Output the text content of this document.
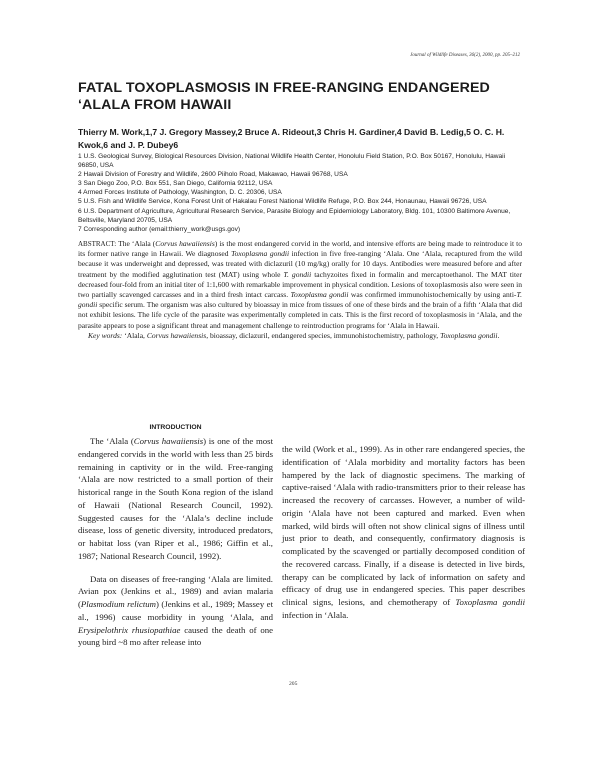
Journal of Wildlife Diseases, 36(2), 2000, pp. 205–212
FATAL TOXOPLASMOSIS IN FREE-RANGING ENDANGERED ‘ALALA FROM HAWAII
Thierry M. Work,1,7 J. Gregory Massey,2 Bruce A. Rideout,3 Chris H. Gardiner,4 David B. Ledig,5 O. C. H. Kwok,6 and J. P. Dubey6
1 U.S. Geological Survey, Biological Resources Division, National Wildlife Health Center, Honolulu Field Station, P.O. Box 50167, Honolulu, Hawaii 96850, USA
2 Hawaii Division of Forestry and Wildlife, 2600 Piiholo Road, Makawao, Hawaii 96768, USA
3 San Diego Zoo, P.O. Box 551, San Diego, California 92112, USA
4 Armed Forces Institute of Pathology, Washington, D. C. 20306, USA
5 U.S. Fish and Wildlife Service, Kona Forest Unit of Hakalau Forest National Wildlife Refuge, P.O. Box 244, Honaunau, Hawaii 96726, USA
6 U.S. Department of Agriculture, Agricultural Research Service, Parasite Biology and Epidemiology Laboratory, Bldg. 101, 10300 Baltimore Avenue, Beltsville, Maryland 20705, USA
7 Corresponding author (email:thierry_work@usgs.gov)
ABSTRACT: The ‘Alala (Corvus hawaiiensis) is the most endangered corvid in the world, and intensive efforts are being made to reintroduce it to its former native range in Hawaii. We diagnosed Toxoplasma gondii infection in five free-ranging ‘Alala. One ‘Alala, recaptured from the wild because it was underweight and depressed, was treated with diclazuril (10 mg/kg) orally for 10 days. Antibodies were measured before and after treatment by the modified agglutination test (MAT) using whole T. gondii tachyzoites fixed in formalin and mercaptoethanol. The MAT titer decreased four-fold from an initial titer of 1:1,600 with remarkable improvement in physical condition. Lesions of toxoplasmosis also were seen in two partially scavenged carcasses and in a third fresh intact carcass. Toxoplasma gondii was confirmed immunohistochemically by using anti-T. gondii specific serum. The organism was also cultured by bioassay in mice from tissues of one of these birds and the brain of a fifth ‘Alala that did not exhibit lesions. The life cycle of the parasite was experimentally completed in cats. This is the first record of toxoplasmosis in ‘Alala, and the parasite appears to pose a significant threat and management challenge to reintroduction programs for ‘Alala in Hawaii.
Key words: ‘Alala, Corvus hawaiiensis, bioassay, diclazuril, endangered species, immunohistochemistry, pathology, Toxoplasma gondii.
INTRODUCTION

The ‘Alala (Corvus hawaiiensis) is one of the most endangered corvids in the world with less than 25 birds remaining in captivity or in the wild. Free-ranging ‘Alala are now restricted to a small portion of their historical range in the South Kona region of the island of Hawaii (National Research Council, 1992). Suggested causes for the ‘Alala’s decline include disease, loss of genetic diversity, introduced predators, or habitat loss (van Riper et al., 1986; Giffin et al., 1987; National Research Council, 1992).

Data on diseases of free-ranging ‘Alala are limited. Avian pox (Jenkins et al., 1989) and avian malaria (Plasmodium relictum) (Jenkins et al., 1989; Massey et al., 1996) cause morbidity in young ‘Alala, and Erysipelothrix rhusiopathiae caused the death of one young bird ~8 mo after release into

the wild (Work et al., 1999). As in other rare endangered species, the identification of ‘Alala morbidity and mortality factors has been hampered by the lack of diagnostic specimens. The marking of captive-raised ‘Alala with radio-transmitters prior to their release has increased the recovery of carcasses. However, a number of wild-origin ‘Alala have not been captured and marked. Even when marked, wild birds will often not show clinical signs of illness until just prior to death, and consequently, confirmatory diagnosis is complicated by the scavenged or partially decomposed condition of the recovered carcass. Finally, if a disease is detected in live birds, therapy can be complicated by lack of information on safety and efficacy of drug use in endangered species. This paper describes clinical signs, lesions, and chemotherapy of Toxoplasma gondii infection in ‘Alala.

205
